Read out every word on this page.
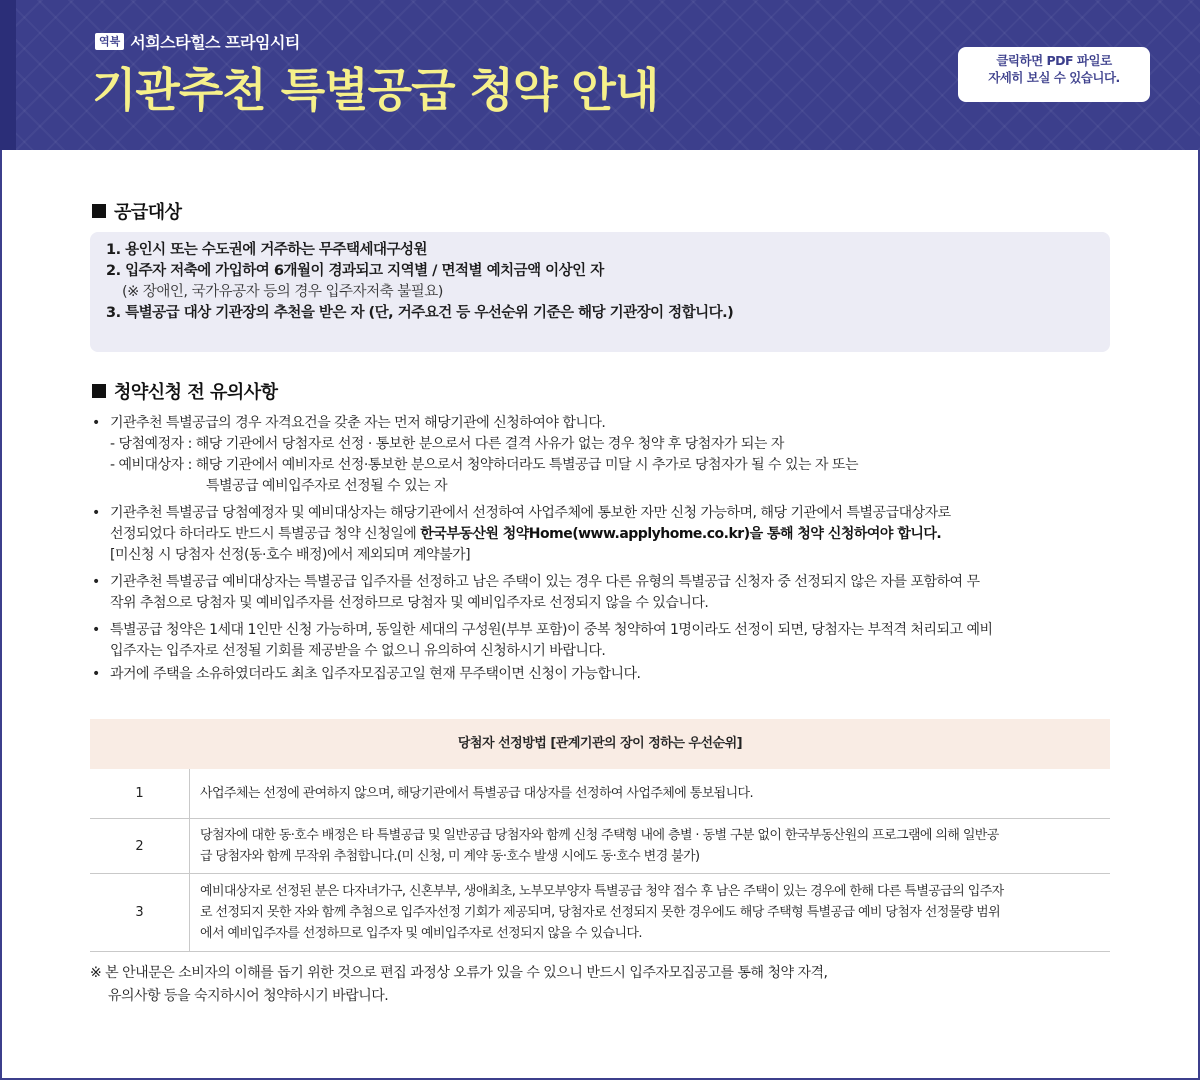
역북 서희스타힐스 프라임시티
기관추천 특별공급 청약 안내
클릭하면 PDF 파일로
자세히 보실 수 있습니다.
공급대상

1. 용인시 또는 수도권에 거주하는 무주택세대구성원

2. 입주자 저축에 가입하여 6개월이 경과되고 지역별 / 면적별 예치금액 이상인 자

(※ 장애인, 국가유공자 등의 경우 입주자저축 불필요)

3. 특별공급 대상 기관장의 추천을 받은 자 (단, 거주요건 등 우선순위 기준은 해당 기관장이 정합니다.)

청약신청 전 유의사항
• 기관추천 특별공급의 경우 자격요건을 갖춘 자는 먼저 해당기관에 신청하여야 합니다.
- 당첨예정자 : 해당 기관에서 당첨자로 선정 · 통보한 분으로서 다른 결격 사유가 없는 경우 청약 후 당첨자가 되는 자
- 예비대상자 : 해당 기관에서 예비자로 선정·통보한 분으로서 청약하더라도 특별공급 미달 시 추가로 당첨자가 될 수 있는 자 또는
특별공급 예비입주자로 선정될 수 있는 자
• 기관추천 특별공급 당첨예정자 및 예비대상자는 해당기관에서 선정하여 사업주체에 통보한 자만 신청 가능하며, 해당 기관에서 특별공급대상자로
선정되었다 하더라도 반드시 특별공급 청약 신청일에 한국부동산원 청약Home(www.applyhome.co.kr)을 통해 청약 신청하여야 합니다.
[미신청 시 당첨자 선정(동·호수 배정)에서 제외되며 계약불가]
• 기관추천 특별공급 예비대상자는 특별공급 입주자를 선정하고 남은 주택이 있는 경우 다른 유형의 특별공급 신청자 중 선정되지 않은 자를 포함하여 무
작위 추첨으로 당첨자 및 예비입주자를 선정하므로 당첨자 및 예비입주자로 선정되지 않을 수 있습니다.
• 특별공급 청약은 1세대 1인만 신청 가능하며, 동일한 세대의 구성원(부부 포함)이 중복 청약하여 1명이라도 선정이 되면, 당첨자는 부적격 처리되고 예비
입주자는 입주자로 선정될 기회를 제공받을 수 없으니 유의하여 신청하시기 바랍니다.
• 과거에 주택을 소유하였더라도 최초 입주자모집공고일 현재 무주택이면 신청이 가능합니다.
당첨자 선정방법 [관계기관의 장이 정하는 우선순위]
1	사업주체는 선정에 관여하지 않으며, 해당기관에서 특별공급 대상자를 선정하여 사업주체에 통보됩니다.
2
당첨자에 대한 동·호수 배정은 타 특별공급 및 일반공급 당첨자와 함께 신청 주택형 내에 층별 · 동별 구분 없이 한국부동산원의 프로그램에 의해 일반공
급 당첨자와 함께 무작위 추첨합니다.(미 신청, 미 계약 동·호수 발생 시에도 동·호수 변경 불가)
3
예비대상자로 선정된 분은 다자녀가구, 신혼부부, 생애최초, 노부모부양자 특별공급 청약 접수 후 남은 주택이 있는 경우에 한해 다른 특별공급의 입주자
로 선정되지 못한 자와 함께 추첨으로 입주자선정 기회가 제공되며, 당첨자로 선정되지 못한 경우에도 해당 주택형 특별공급 예비 당첨자 선정물량 범위
에서 예비입주자를 선정하므로 입주자 및 예비입주자로 선정되지 않을 수 있습니다.
※ 본 안내문은 소비자의 이해를 돕기 위한 것으로 편집 과정상 오류가 있을 수 있으니 반드시 입주자모집공고를 통해 청약 자격,
유의사항 등을 숙지하시어 청약하시기 바랍니다.
